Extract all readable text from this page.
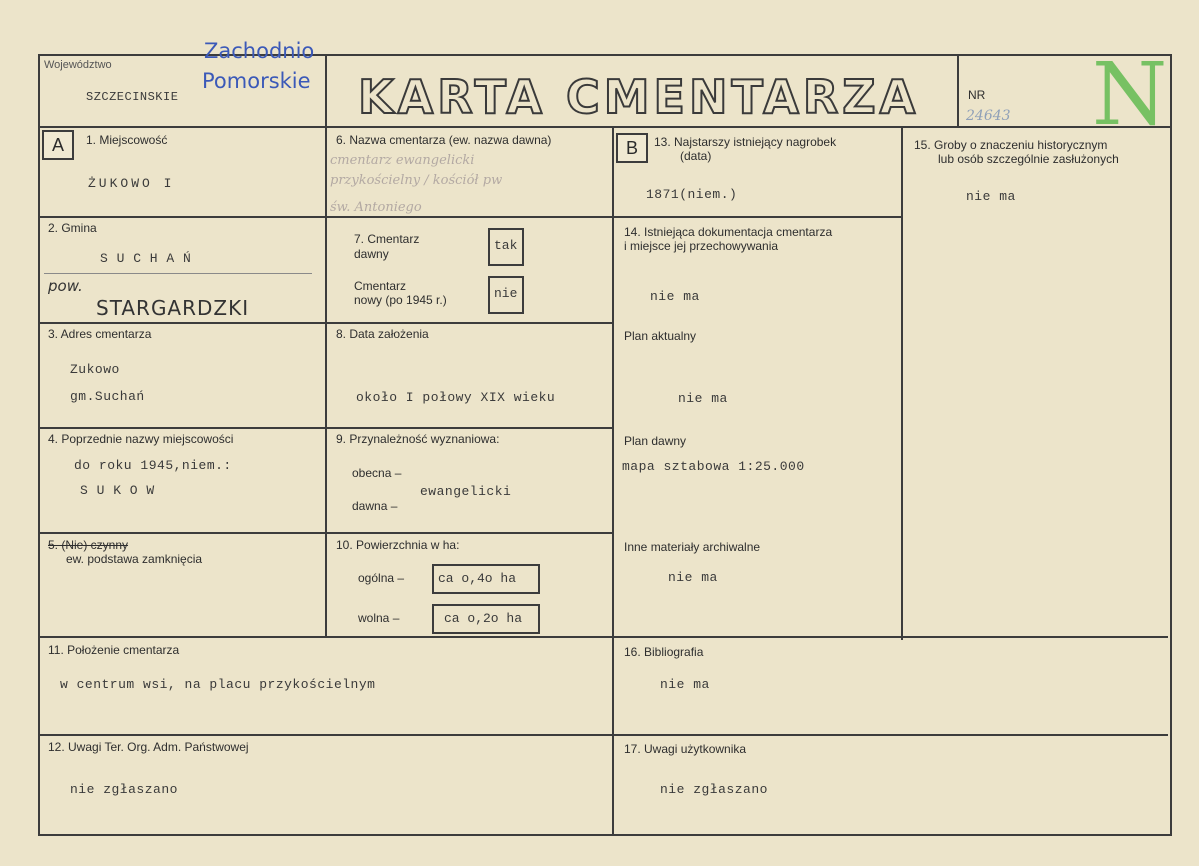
Województwo
SZCZECINSKIE
Zachodnio
Pomorskie KARTA CMENTARZA	NR
24643 N
A	B
1. Miejscowość
ŻUKOWO I
2. Gmina
S U C H A Ń
pow.
STARGARDZKI
3. Adres cmentarza
Zukowo
gm.Suchań
4. Poprzednie nazwy miejscowości
do roku 1945,niem.:
S U K O W
5. (Nie) czynny
ew. podstawa zamknięcia
6. Nazwa cmentarza (ew. nazwa dawna)
cmentarz ewangelicki
przykościelny / kościół pw
św. Antoniego
7. Cmentarz
dawny
tak
Cmentarz
nowy (po 1945 r.)	nie
8. Data założenia
około I połowy XIX wieku
9. Przynależność wyznaniowa:
obecna –
dawna –
ewangelicki
10. Powierzchnia w ha:
ogólna –	ca o,4o ha
wolna –	ca o,2o ha
11. Położenie cmentarza
w centrum wsi, na placu przykościelnym
12. Uwagi Ter. Org. Adm. Państwowej
nie zgłaszano
13. Najstarszy istniejący nagrobek
(data)
1871(niem.)
14. Istniejąca dokumentacja cmentarza
i miejsce jej przechowywania
nie ma
Plan aktualny
nie ma
Plan dawny
mapa sztabowa 1:25.000
Inne materiały archiwalne
nie ma
15. Groby o znaczeniu historycznym
lub osób szczególnie zasłużonych
nie ma
16. Bibliografia
nie ma
17. Uwagi użytkownika
nie zgłaszano
